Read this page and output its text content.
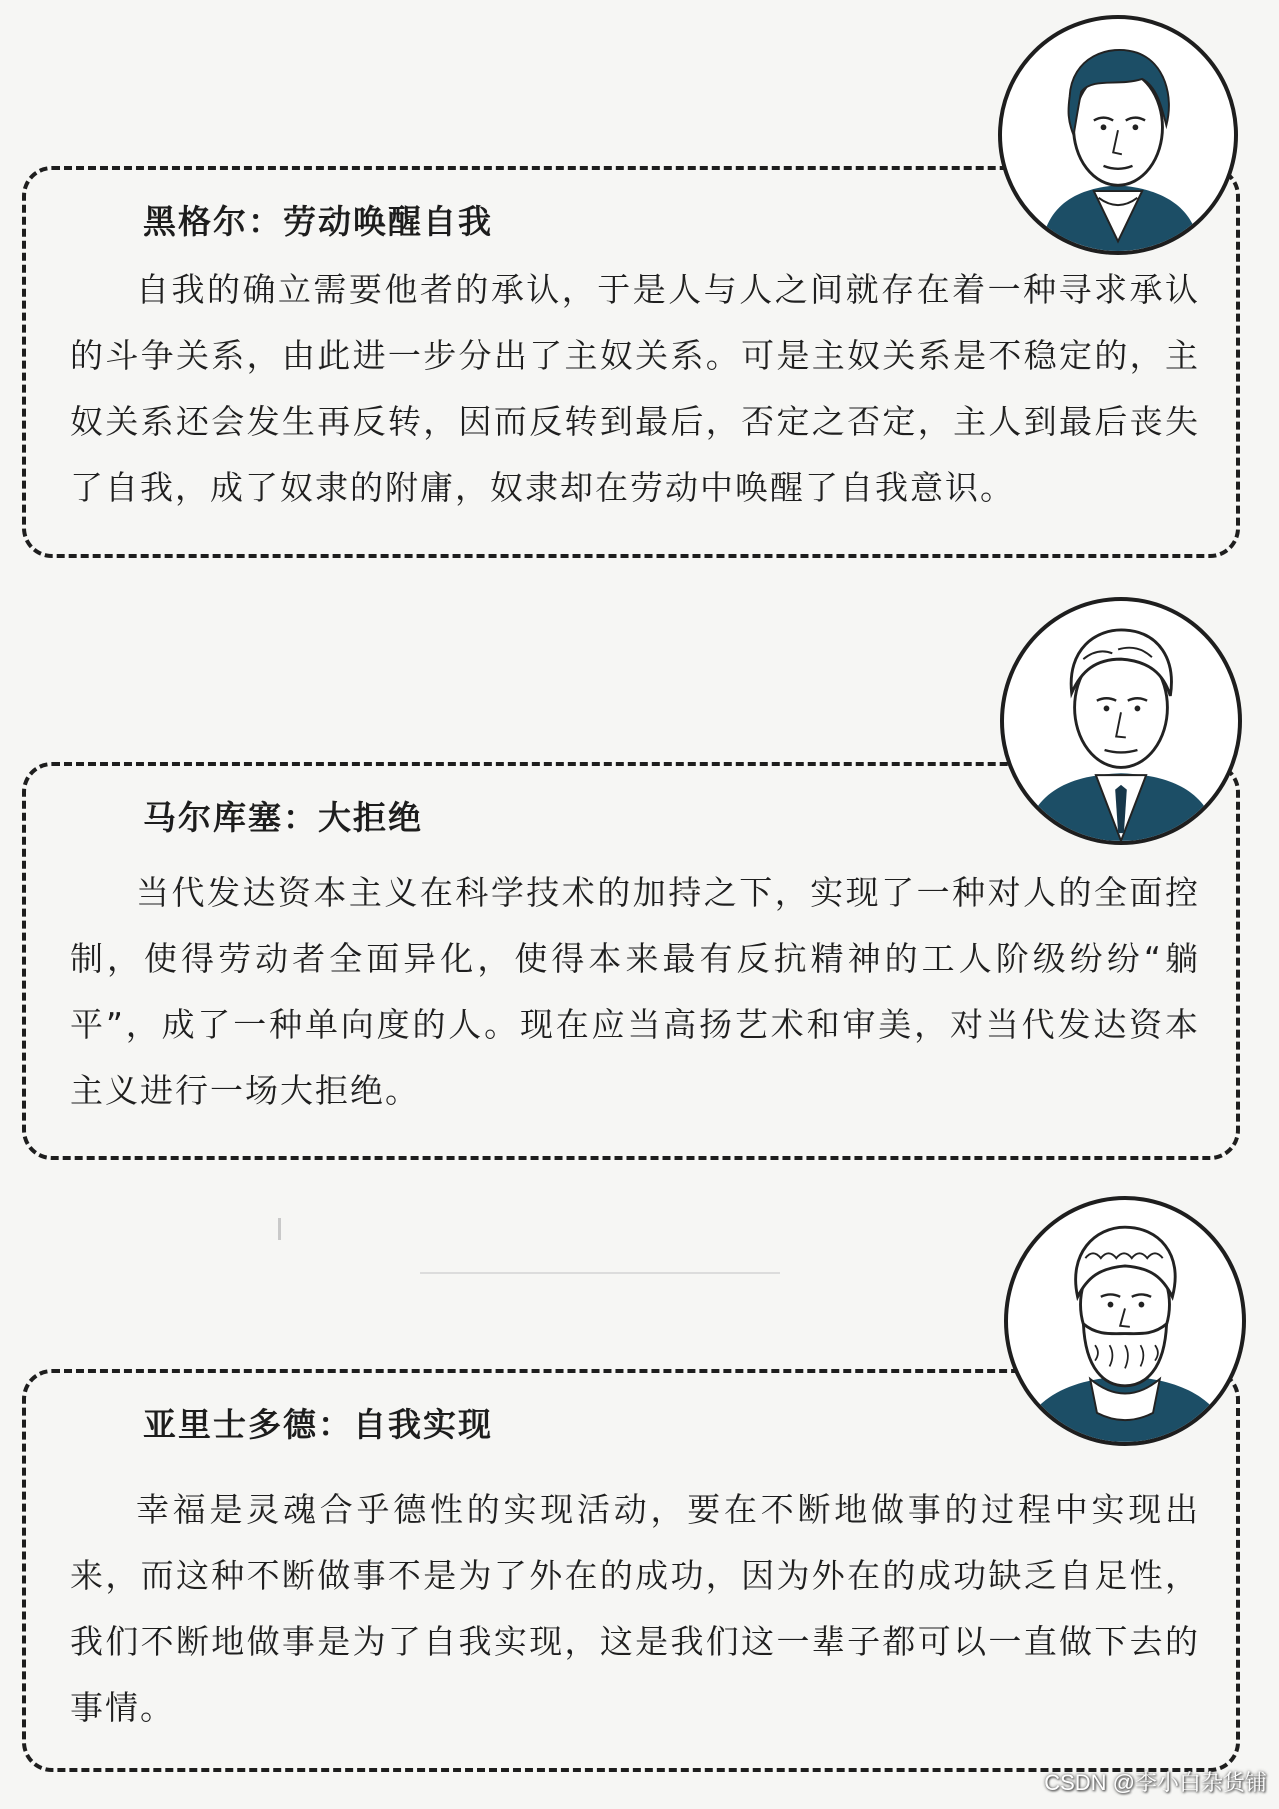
黑格尔：劳动唤醒自我

自我的确立需要他者的承认，于是人与人之间就存在着一种寻求承认的斗争关系，由此进一步分出了主奴关系。可是主奴关系是不稳定的，主奴关系还会发生再反转，因而反转到最后，否定之否定，主人到最后丧失了自我，成了奴隶的附庸，奴隶却在劳动中唤醒了自我意识。

马尔库塞：大拒绝

当代发达资本主义在科学技术的加持之下，实现了一种对人的全面控制，使得劳动者全面异化，使得本来最有反抗精神的工人阶级纷纷“躺平”，成了一种单向度的人。现在应当高扬艺术和审美，对当代发达资本主义进行一场大拒绝。

亚里士多德：自我实现

幸福是灵魂合乎德性的实现活动，要在不断地做事的过程中实现出来，而这种不断做事不是为了外在的成功，因为外在的成功缺乏自足性，我们不断地做事是为了自我实现，这是我们这一辈子都可以一直做下去的事情。

CSDN @李小白杂货铺
